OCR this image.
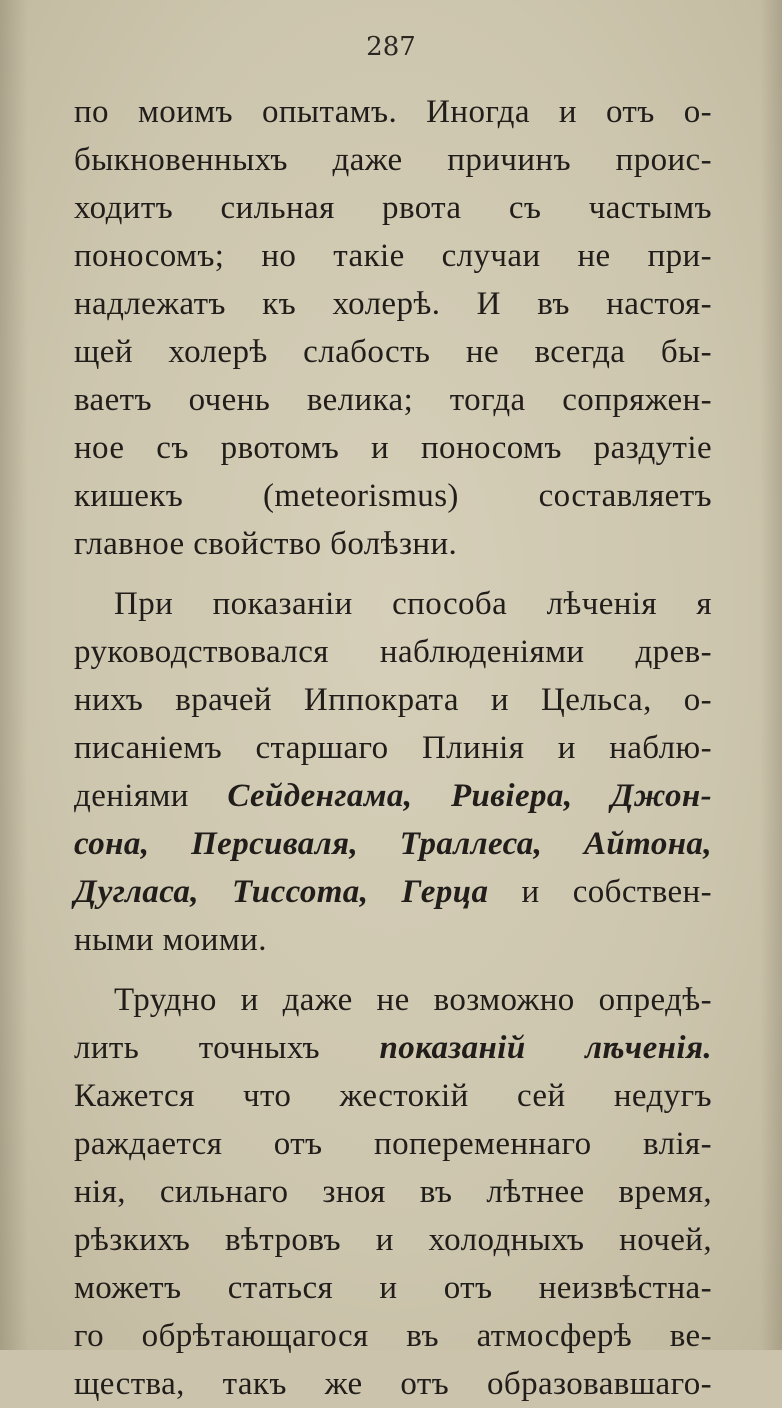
287
по моимъ опытамъ. Иногда и отъ о-
быкновенныхъ даже причинъ проис-
ходитъ сильная рвота съ частымъ
поносомъ; но такіе случаи не при-
надлежатъ къ холерѣ. И въ настоя-
щей холерѣ слабость не всегда бы-
ваетъ очень велика; тогда сопряжен-
ное съ рвотомъ и поносомъ раздутіе
кишекъ (meteorismus) составляетъ
главное свойство болѣзни.
При показаніи способа лѣченія я
руководствовался наблюденіями древ-
нихъ врачей Иппократа и Цельса, о-
писаніемъ старшаго Плинія и наблю-
деніями Сейденгама, Ривіера, Джон-
сона, Персиваля, Траллеса, Айтона,
Дугласа, Тиссота, Герца и собствен-
ными моими.
Трудно и даже не возможно опредѣ-
лить точныхъ показаній лѣченія.
Кажется что жестокій сей недугъ
раждается отъ попеременнаго влія-
нія, сильнаго зноя въ лѣтнее время,
рѣзкихъ вѣтровъ и холодныхъ ночей,
можетъ статься и отъ неизвѣстна-
го обрѣтающагося въ атмосферѣ ве-
щества, такъ же отъ образовавшаго-
